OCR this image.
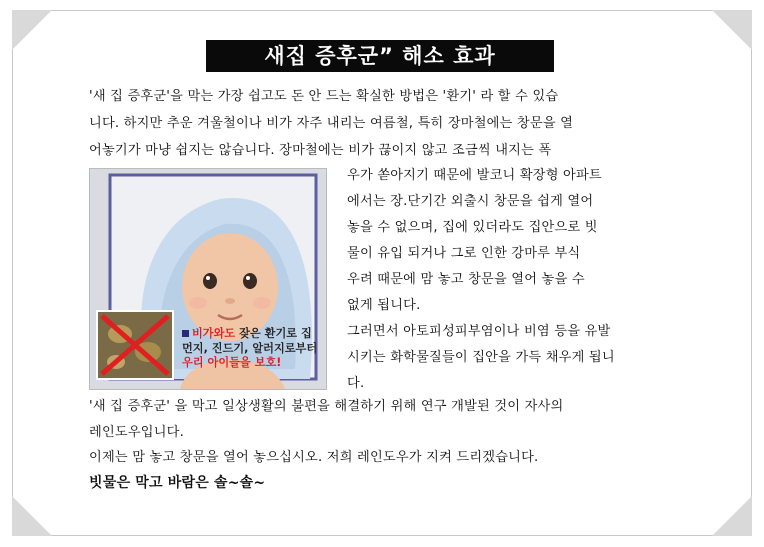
새집 증후군” 해소 효과
'새 집 증후군'을 막는 가장 쉽고도 돈 안 드는 확실한 방법은 '환기' 라 할 수 있습
니다. 하지만 추운 겨울철이나 비가 자주 내리는 여름철, 특히 장마철에는 창문을 열
어놓기가 마냥 쉽지는 않습니다. 장마철에는 비가 끊이지 않고 조금씩 내지는 폭
우가 쏟아지기 때문에 발코니 확장형 아파트
에서는 장.단기간 외출시 창문을 쉽게 열어
놓을 수 없으며, 집에 있더라도 집안으로 빗
물이 유입 되거나 그로 인한 강마루 부식
우려 때문에 맘 놓고 창문을 열어 놓을 수
없게 됩니다.
그러면서 아토피성피부염이나 비염 등을 유발
시키는 화학물질들이 집안을 가득 채우게 됩니
다.
'새 집 증후군' 을 막고 일상생활의 불편을 해결하기 위해 연구 개발된 것이 자사의
레인도우입니다.
이제는 맘 놓고 창문을 열어 놓으십시오. 저희 레인도우가 지켜 드리겠습니다.
빗물은 막고 바람은 솔~솔~
비가와도 잦은 환기로 집
먼지, 진드기, 알러지로부터
우리 아이들을 보호!
